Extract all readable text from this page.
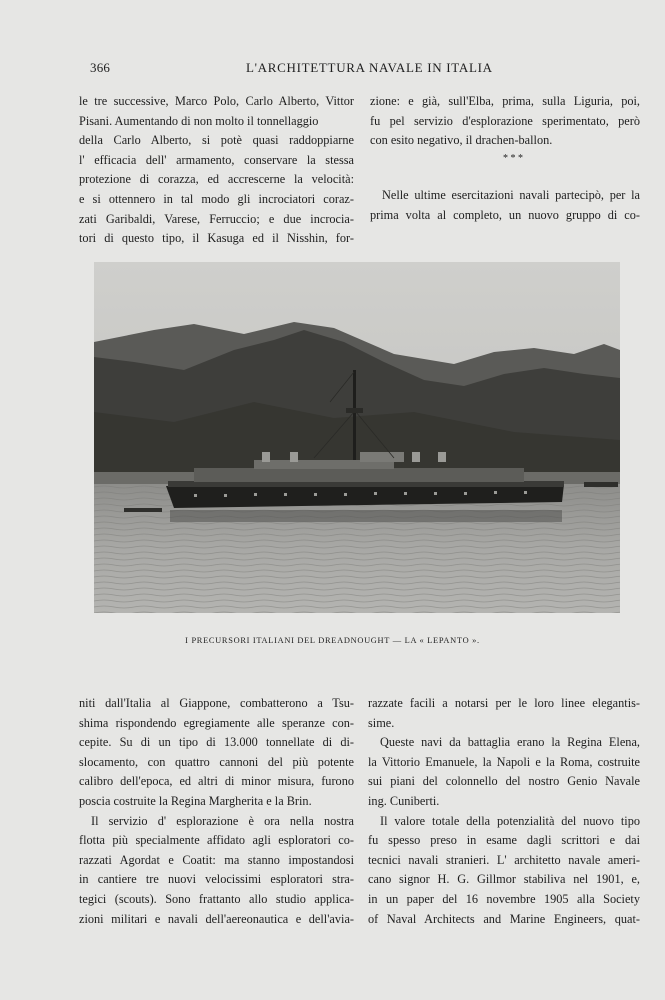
366	L'ARCHITETTURA NAVALE IN ITALIA
le tre successive, Marco Polo, Carlo Alberto, Vittor
Pisani. Aumentando di non molto il tonnellaggio
della Carlo Alberto, si potè quasi raddoppiarne
l' efficacia dell' armamento, conservare la stessa
protezione di corazza, ed accrescerne la velocità:
e si ottennero in tal modo gli incrociatori coraz-
zati Garibaldi, Varese, Ferruccio; e due incrocia-
tori di questo tipo, il Kasuga ed il Nisshin, for-
zione: e già, sull'Elba, prima, sulla Liguria, poi,
fu pel servizio d'esplorazione sperimentato, però
con esito negativo, il drachen-ballon.
* * *
Nelle ultime esercitazioni navali partecipò, per la
prima volta al completo, un nuovo gruppo di co-
I PRECURSORI ITALIANI DEL DREADNOUGHT — LA « LEPANTO ».
niti dall'Italia al Giappone, combatterono a Tsu-
shima rispondendo egregiamente alle speranze con-
cepite. Su di un tipo di 13.000 tonnellate di di-
slocamento, con quattro cannoni del più potente
calibro dell'epoca, ed altri di minor misura, furono
poscia costruite la Regina Margherita e la Brin.
Il servizio d' esplorazione è ora nella nostra
flotta più specialmente affidato agli esploratori co-
razzati Agordat e Coatit: ma stanno impostandosi
in cantiere tre nuovi velocissimi esploratori stra-
tegici (scouts). Sono frattanto allo studio applica-
zioni militari e navali dell'aereonautica e dell'avia-
razzate facili a notarsi per le loro linee elegantis-
sime.
Queste navi da battaglia erano la Regina Elena,
la Vittorio Emanuele, la Napoli e la Roma, costruite
sui piani del colonnello del nostro Genio Navale
ing. Cuniberti.
Il valore totale della potenzialità del nuovo tipo
fu spesso preso in esame dagli scrittori e dai
tecnici navali stranieri. L' architetto navale ameri-
cano signor H. G. Gillmor stabiliva nel 1901, e,
in un paper del 16 novembre 1905 alla Society
of Naval Architects and Marine Engineers, quat-
